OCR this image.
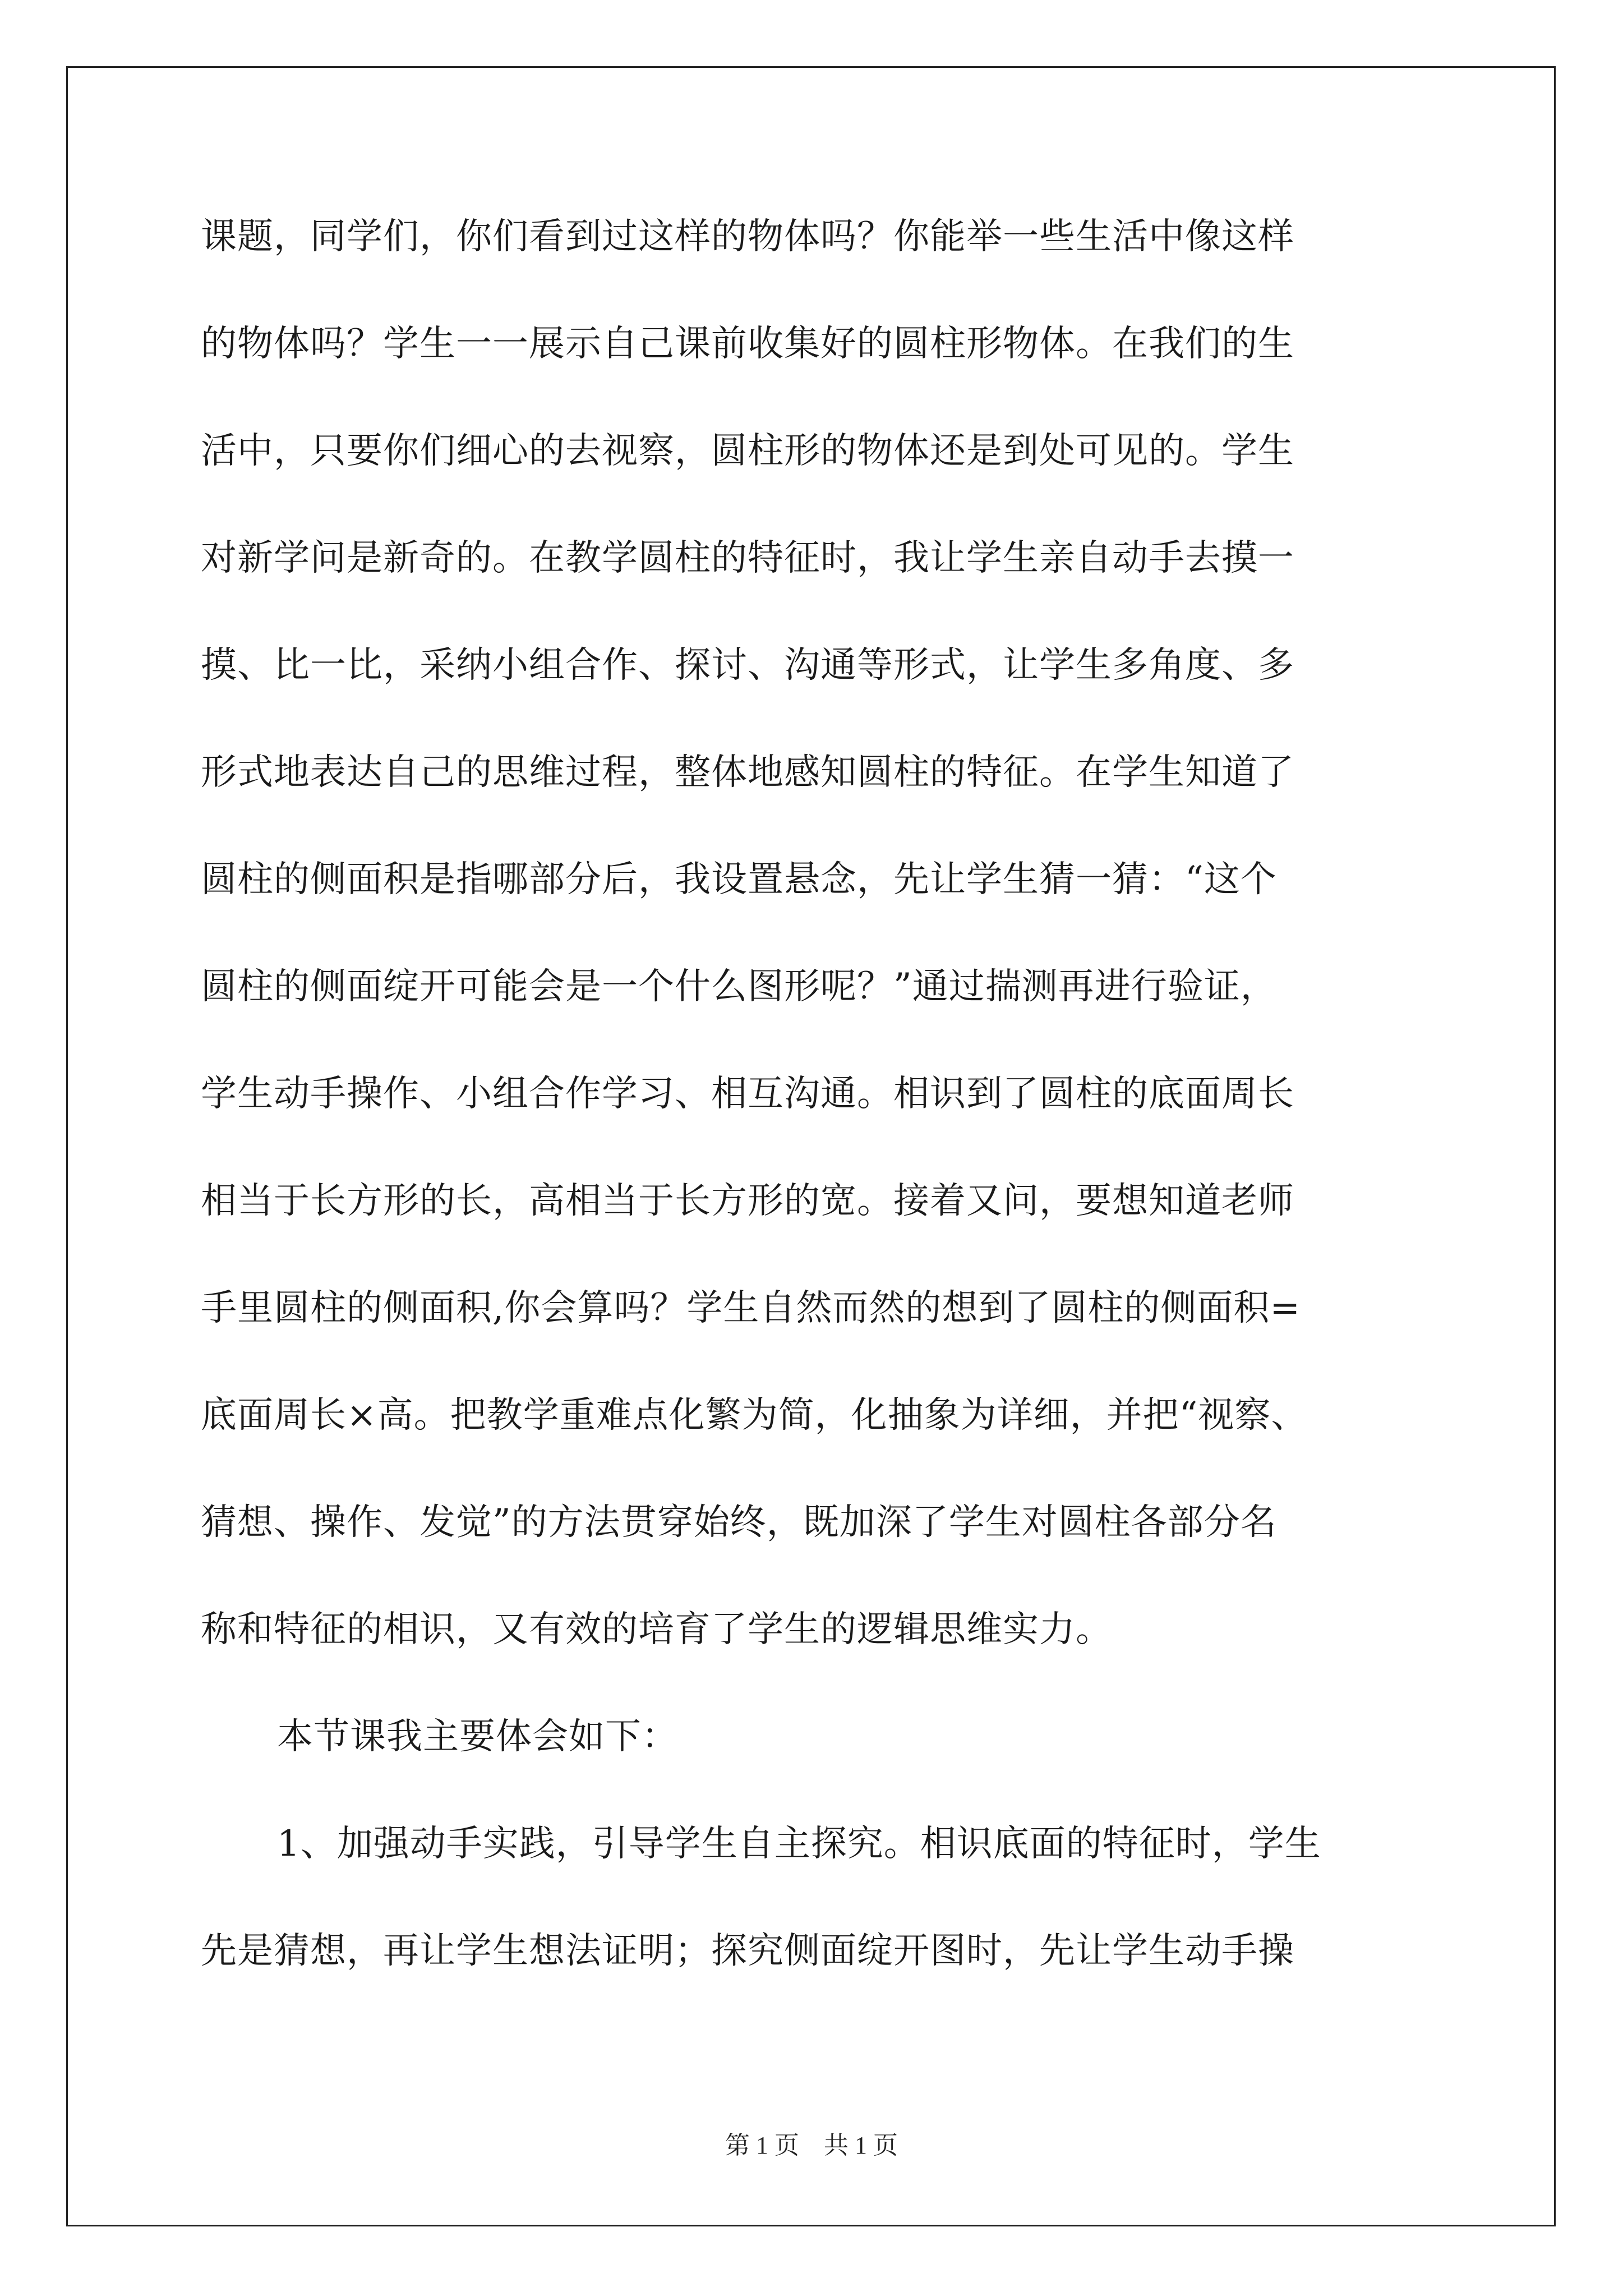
课题，同学们，你们看到过这样的物体吗？你能举一些生活中像这样
的物体吗？学生一一展示自己课前收集好的圆柱形物体。在我们的生
活中，只要你们细心的去视察，圆柱形的物体还是到处可见的。学生
对新学问是新奇的。在教学圆柱的特征时，我让学生亲自动手去摸一
摸、比一比，采纳小组合作、探讨、沟通等形式，让学生多角度、多
形式地表达自己的思维过程，整体地感知圆柱的特征。在学生知道了
圆柱的侧面积是指哪部分后，我设置悬念，先让学生猜一猜：“这个
圆柱的侧面绽开可能会是一个什么图形呢？”通过揣测再进行验证，
学生动手操作、小组合作学习、相互沟通。相识到了圆柱的底面周长
相当于长方形的长，高相当于长方形的宽。接着又问，要想知道老师
手里圆柱的侧面积,你会算吗？学生自然而然的想到了圆柱的侧面积=
底面周长×高。把教学重难点化繁为简，化抽象为详细，并把“视察、
猜想、操作、发觉”的方法贯穿始终，既加深了学生对圆柱各部分名
称和特征的相识，又有效的培育了学生的逻辑思维实力。
本节课我主要体会如下：
1、加强动手实践，引导学生自主探究。相识底面的特征时，学生
先是猜想，再让学生想法证明；探究侧面绽开图时，先让学生动手操
第 1 页　共 1 页
